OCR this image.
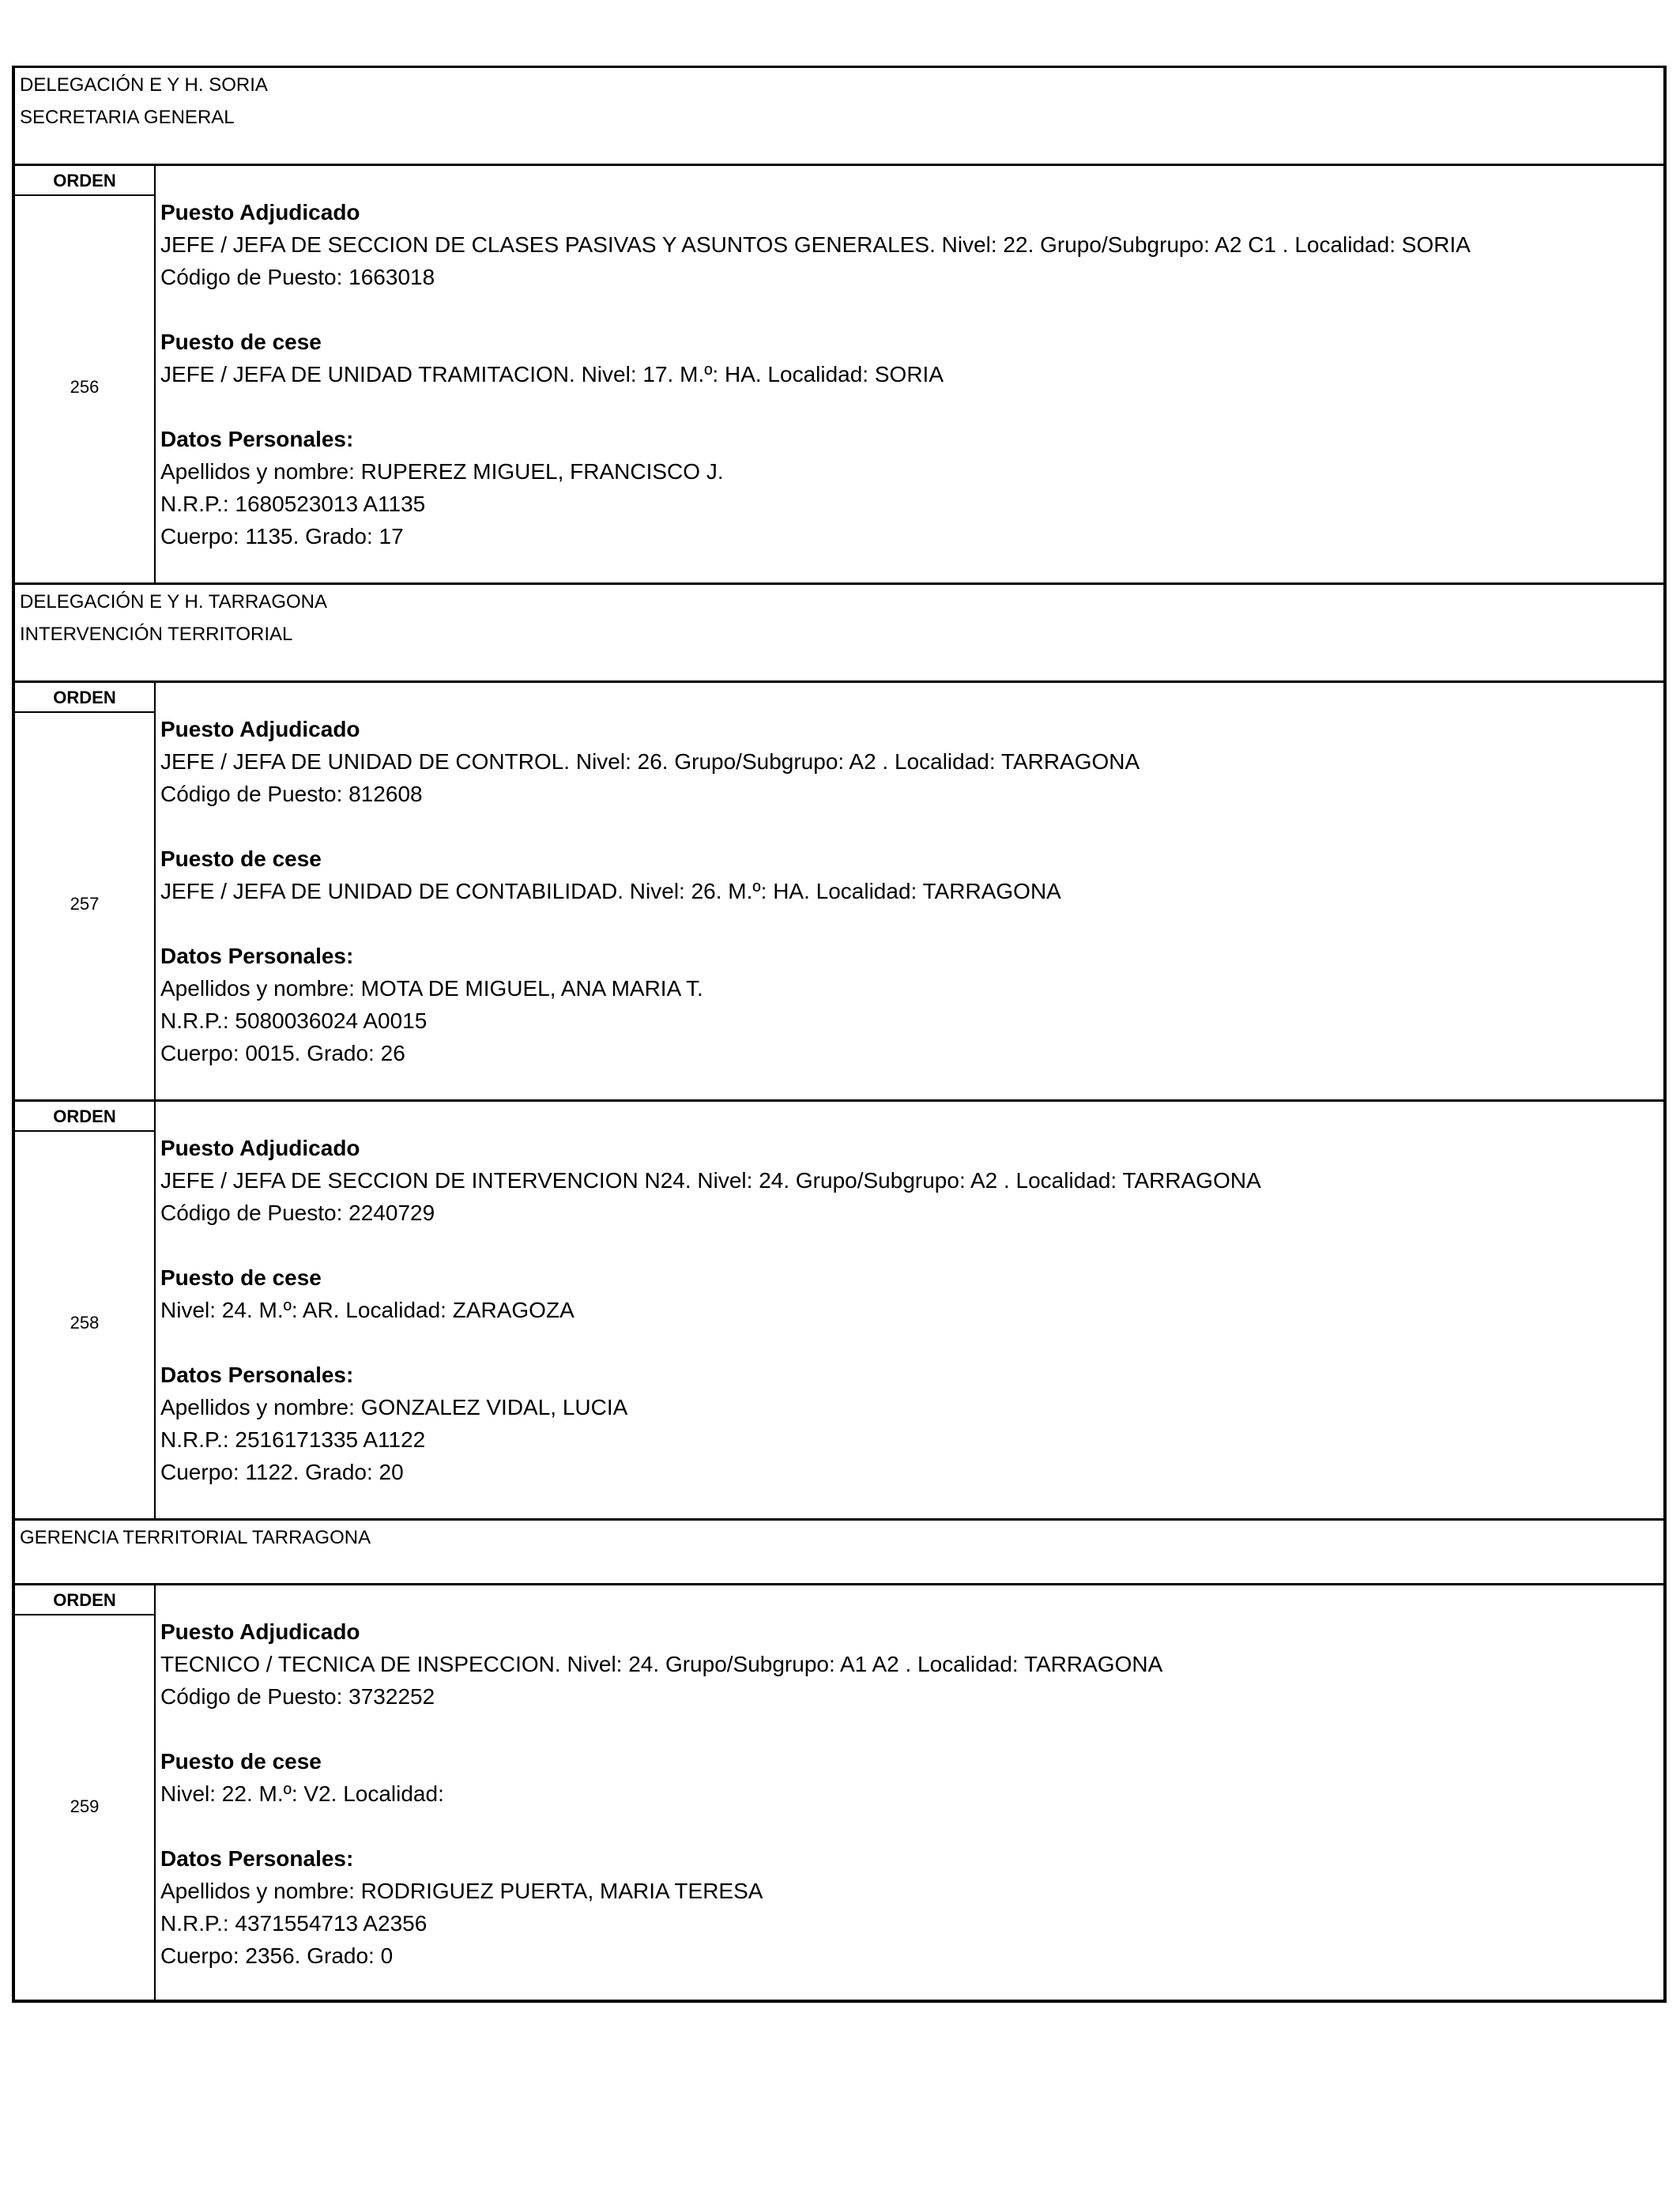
DELEGACIÓN E Y H. SORIA
SECRETARIA GENERAL
ORDEN
256
Puesto Adjudicado
JEFE / JEFA DE SECCION DE CLASES PASIVAS Y ASUNTOS GENERALES. Nivel: 22. Grupo/Subgrupo: A2 C1 . Localidad: SORIA
Código de Puesto: 1663018
Puesto de cese
JEFE / JEFA DE UNIDAD TRAMITACION. Nivel: 17. M.º: HA. Localidad: SORIA
Datos Personales:
Apellidos y nombre: RUPEREZ MIGUEL, FRANCISCO J.
N.R.P.: 1680523013 A1135
Cuerpo: 1135. Grado: 17
DELEGACIÓN E Y H. TARRAGONA
INTERVENCIÓN TERRITORIAL
ORDEN
257
Puesto Adjudicado
JEFE / JEFA DE UNIDAD DE CONTROL. Nivel: 26. Grupo/Subgrupo: A2 . Localidad: TARRAGONA
Código de Puesto: 812608
Puesto de cese
JEFE / JEFA DE UNIDAD DE CONTABILIDAD. Nivel: 26. M.º: HA. Localidad: TARRAGONA
Datos Personales:
Apellidos y nombre: MOTA DE MIGUEL, ANA MARIA T.
N.R.P.: 5080036024 A0015
Cuerpo: 0015. Grado: 26
ORDEN
258
Puesto Adjudicado
JEFE / JEFA DE SECCION DE INTERVENCION N24. Nivel: 24. Grupo/Subgrupo: A2 . Localidad: TARRAGONA
Código de Puesto: 2240729
Puesto de cese
Nivel: 24. M.º: AR. Localidad: ZARAGOZA
Datos Personales:
Apellidos y nombre: GONZALEZ VIDAL, LUCIA
N.R.P.: 2516171335 A1122
Cuerpo: 1122. Grado: 20
GERENCIA TERRITORIAL TARRAGONA
ORDEN
259
Puesto Adjudicado
TECNICO / TECNICA DE INSPECCION. Nivel: 24. Grupo/Subgrupo: A1 A2 . Localidad: TARRAGONA
Código de Puesto: 3732252
Puesto de cese
Nivel: 22. M.º: V2. Localidad:
Datos Personales:
Apellidos y nombre: RODRIGUEZ PUERTA, MARIA TERESA
N.R.P.: 4371554713 A2356
Cuerpo: 2356. Grado: 0
